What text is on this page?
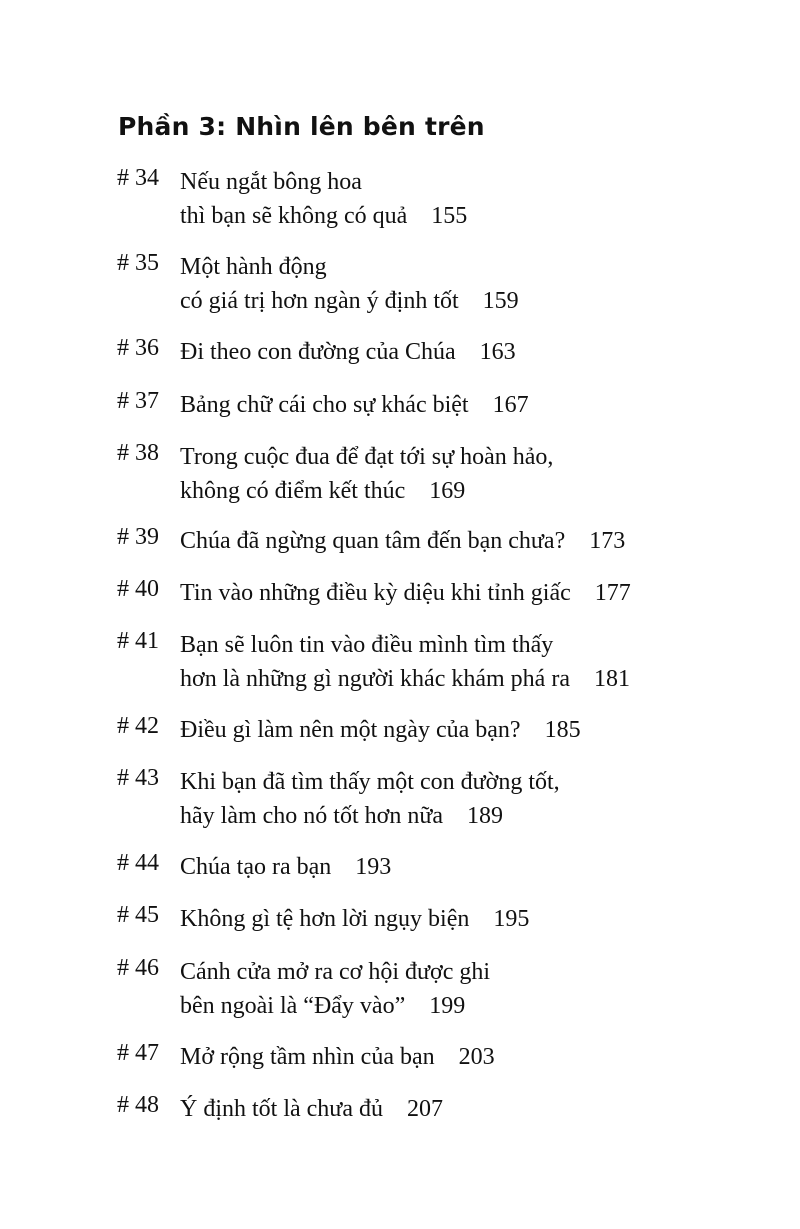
Phần 3: Nhìn lên bên trên
# 34 Nếu ngắt bông hoa
thì bạn sẽ không có quả 155
# 35 Một hành động
có giá trị hơn ngàn ý định tốt 159
# 36 Đi theo con đường của Chúa 163
# 37 Bảng chữ cái cho sự khác biệt 167
# 38 Trong cuộc đua để đạt tới sự hoàn hảo,
không có điểm kết thúc 169
# 39 Chúa đã ngừng quan tâm đến bạn chưa? 173
# 40 Tin vào những điều kỳ diệu khi tỉnh giấc 177
# 41 Bạn sẽ luôn tin vào điều mình tìm thấy
hơn là những gì người khác khám phá ra 181
# 42 Điều gì làm nên một ngày của bạn? 185
# 43 Khi bạn đã tìm thấy một con đường tốt,
hãy làm cho nó tốt hơn nữa 189
# 44 Chúa tạo ra bạn 193
# 45 Không gì tệ hơn lời ngụy biện 195
# 46 Cánh cửa mở ra cơ hội được ghi
bên ngoài là “Đẩy vào” 199
# 47 Mở rộng tầm nhìn của bạn 203
# 48 Ý định tốt là chưa đủ 207
